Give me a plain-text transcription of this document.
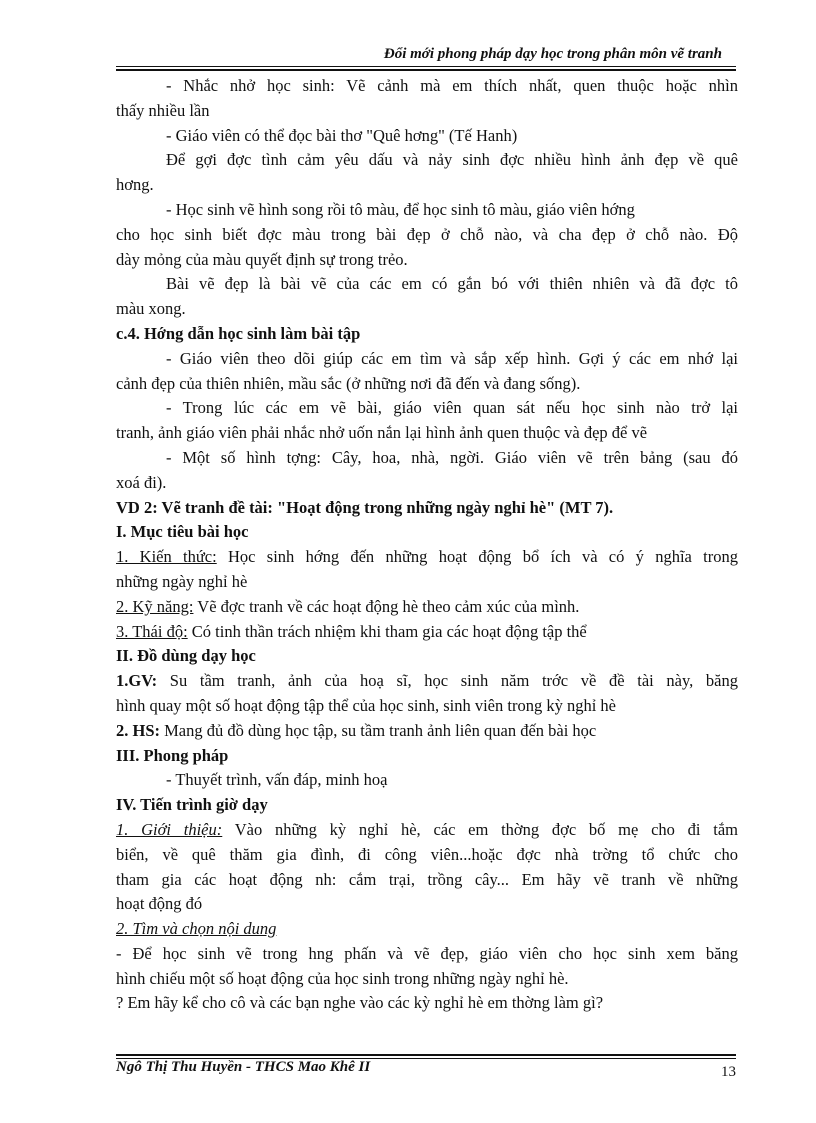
Đổi mới phong pháp dạy học trong phân môn vẽ tranh
- Nhắc nhở học sinh: Vẽ cảnh mà em thích nhất, quen thuộc hoặc nhìn
thấy nhiều lần
- Giáo viên có thể đọc bài thơ "Quê hơng" (Tế Hanh)
Để gợi đợc tình cảm yêu dấu và nảy sinh đợc nhiều hình ảnh đẹp về quê
hơng.
- Học sinh vẽ hình song rồi tô màu, để học sinh tô màu, giáo viên hớng
cho học sinh biết đợc màu trong bài đẹp ở chỗ nào, và cha đẹp ở chỗ nào. Độ
dày mỏng của màu quyết định sự trong trẻo.
Bài vẽ đẹp là bài vẽ của các em có gắn bó với thiên nhiên và đã đợc tô
màu xong.
c.4. Hớng dẫn học sinh làm bài tập
- Giáo viên theo dõi giúp các em tìm và sắp xếp hình. Gợi ý các em nhớ lại
cảnh đẹp của thiên nhiên, mầu sắc (ở những nơi đã đến và đang sống).
- Trong lúc các em vẽ bài, giáo viên quan sát nếu học sinh nào trở lại
tranh, ảnh giáo viên phải nhắc nhở uốn nắn lại hình ảnh quen thuộc và đẹp để vẽ
- Một số hình tợng: Cây, hoa, nhà, ngời. Giáo viên vẽ trên bảng (sau đó
xoá đi).
VD 2: Vẽ tranh đề tài: "Hoạt động trong những ngày nghỉ hè" (MT 7).
I. Mục tiêu bài học
1. Kiến thức: Học sinh hớng đến những hoạt động bổ ích và có ý nghĩa trong
những ngày nghỉ hè
2. Kỹ năng: Vẽ đợc tranh về các hoạt động hè theo cảm xúc của mình.
3. Thái độ: Có tinh thần trách nhiệm khi tham gia các hoạt động tập thể
II. Đồ dùng dạy học
1.GV: Su tầm tranh, ảnh của hoạ sĩ, học sinh năm trớc về đề tài này, băng
hình quay một số hoạt động tập thể của học sinh, sinh viên trong kỳ nghỉ hè
2. HS: Mang đủ đồ dùng học tập, su tầm tranh ảnh liên quan đến bài học
III. Phong pháp
- Thuyết trình, vấn đáp, minh hoạ
IV. Tiến trình giờ dạy
1. Giới thiệu: Vào những kỳ nghỉ hè, các em thờng đợc bố mẹ cho đi tắm
biển, về quê thăm gia đình, đi công viên...hoặc đợc nhà trờng tổ chức cho
tham gia các hoạt động nh: cắm trại, trồng cây... Em hãy vẽ tranh về những
hoạt động đó
2. Tìm và chọn nội dung
- Để học sinh vẽ trong hng phấn và vẽ đẹp, giáo viên cho học sinh xem băng
hình chiếu một số hoạt động của học sinh trong những ngày nghỉ hè.
? Em hãy kể cho cô và các bạn nghe vào các kỳ nghỉ hè em thờng làm gì?
Ngô Thị Thu Huyền - THCS Mao Khê II	13
